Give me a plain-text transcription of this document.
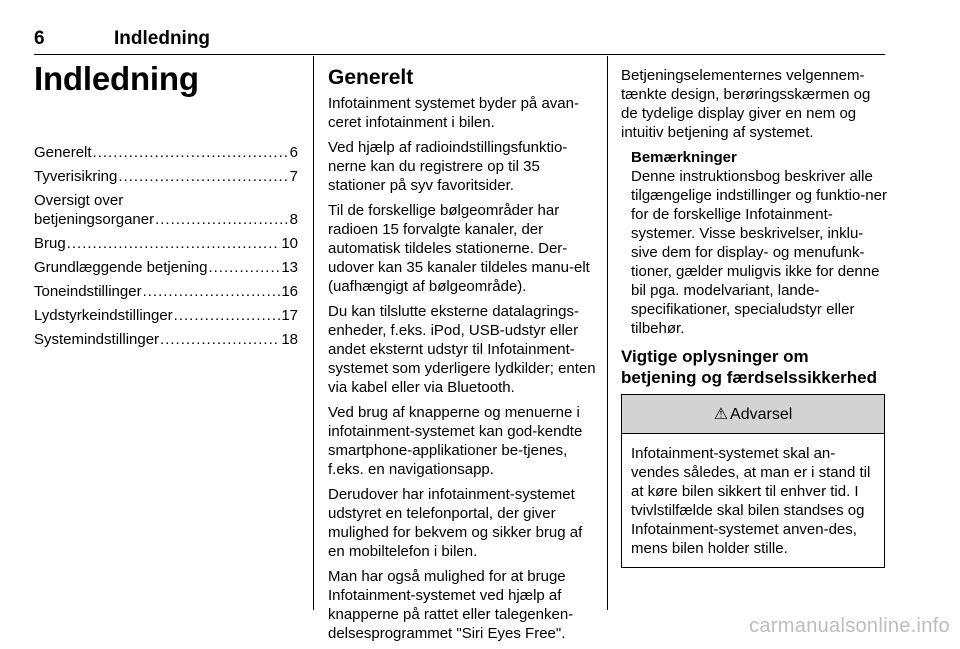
6	Indledning
Indledning
Generelt .....	6
Tyverisikring .....	7
Oversigt over
betjeningsorganer .....	8
Brug .....	10
Grundlæggende betjening .....	13
Toneindstillinger .....	16
Lydstyrkeindstillinger .....	17
Systemindstillinger .....	18
Generelt

Infotainment systemet byder på avan-ceret infotainment i bilen.

Ved hjælp af radioindstillingsfunktio-nerne kan du registrere op til 35 stationer på syv favoritsider.

Til de forskellige bølgeområder har radioen 15 forvalgte kanaler, der automatisk tildeles stationerne. Der-udover kan 35 kanaler tildeles manu-elt (uafhængigt af bølgeområde).

Du kan tilslutte eksterne datalagrings-enheder, f.eks. iPod, USB-udstyr eller andet eksternt udstyr til Infotainment-systemet som yderligere lydkilder; enten via kabel eller via Bluetooth.

Ved brug af knapperne og menuerne i infotainment-systemet kan god-kendte smartphone-applikationer be-tjenes, f.eks. en navigationsapp.

Derudover har infotainment-systemet udstyret en telefonportal, der giver mulighed for bekvem og sikker brug af en mobiltelefon i bilen.

Man har også mulighed for at bruge Infotainment-systemet ved hjælp af knapperne på rattet eller talegenken-delsesprogrammet "Siri Eyes Free".

Betjeningselementernes velgennem-tænkte design, berøringsskærmen og de tydelige display giver en nem og intuitiv betjening af systemet.

Bemærkninger
Denne instruktionsbog beskriver alle tilgængelige indstillinger og funktio-ner for de forskellige Infotainment-systemer. Visse beskrivelser, inklu-sive dem for display- og menufunk-tioner, gælder muligvis ikke for denne bil pga. modelvariant, lande-specifikationer, specialudstyr eller tilbehør.
Vigtige oplysninger om betjening og færdselssikkerhed
⚠ Advarsel
Infotainment-systemet skal an-vendes således, at man er i stand til at køre bilen sikkert til enhver tid. I tvivlstilfælde skal bilen standses og Infotainment-systemet anven-des, mens bilen holder stille.
carmanualsonline.info
